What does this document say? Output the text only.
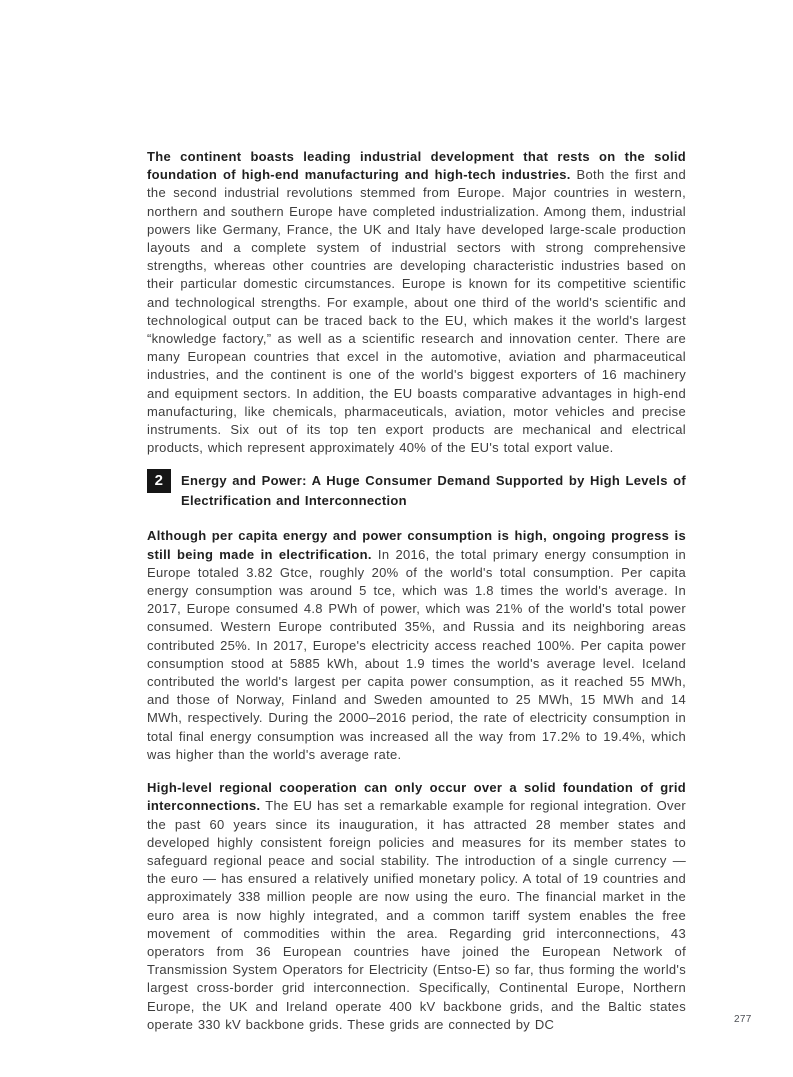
The continent boasts leading industrial development that rests on the solid foundation of high-end manufacturing and high-tech industries. Both the first and the second industrial revolutions stemmed from Europe. Major countries in western, northern and southern Europe have completed industrialization. Among them, industrial powers like Germany, France, the UK and Italy have developed large-scale production layouts and a complete system of industrial sectors with strong comprehensive strengths, whereas other countries are developing characteristic industries based on their particular domestic circumstances. Europe is known for its competitive scientific and technological strengths. For example, about one third of the world's scientific and technological output can be traced back to the EU, which makes it the world's largest “knowledge factory,” as well as a scientific research and innovation center. There are many European countries that excel in the automotive, aviation and pharmaceutical industries, and the continent is one of the world's biggest exporters of 16 machinery and equipment sectors. In addition, the EU boasts comparative advantages in high-end manufacturing, like chemicals, pharmaceuticals, aviation, motor vehicles and precise instruments. Six out of its top ten export products are mechanical and electrical products, which represent approximately 40% of the EU's total export value.

2	Energy and Power: A Huge Consumer Demand Supported by High Levels of Electrification and Interconnection

Although per capita energy and power consumption is high, ongoing progress is still being made in electrification. In 2016, the total primary energy consumption in Europe totaled 3.82 Gtce, roughly 20% of the world's total consumption. Per capita energy consumption was around 5 tce, which was 1.8 times the world's average. In 2017, Europe consumed 4.8 PWh of power, which was 21% of the world's total power consumed. Western Europe contributed 35%, and Russia and its neighboring areas contributed 25%. In 2017, Europe's electricity access reached 100%. Per capita power consumption stood at 5885 kWh, about 1.9 times the world's average level. Iceland contributed the world's largest per capita power consumption, as it reached 55 MWh, and those of Norway, Finland and Sweden amounted to 25 MWh, 15 MWh and 14 MWh, respectively. During the 2000–2016 period, the rate of electricity consumption in total final energy consumption was increased all the way from 17.2% to 19.4%, which was higher than the world's average rate.

High-level regional cooperation can only occur over a solid foundation of grid interconnections. The EU has set a remarkable example for regional integration. Over the past 60 years since its inauguration, it has attracted 28 member states and developed highly consistent foreign policies and measures for its member states to safeguard regional peace and social stability. The introduction of a single currency — the euro — has ensured a relatively unified monetary policy. A total of 19 countries and approximately 338 million people are now using the euro. The financial market in the euro area is now highly integrated, and a common tariff system enables the free movement of commodities within the area. Regarding grid interconnections, 43 operators from 36 European countries have joined the European Network of Transmission System Operators for Electricity (Entso-E) so far, thus forming the world's largest cross-border grid interconnection. Specifically, Continental Europe, Northern Europe, the UK and Ireland operate 400 kV backbone grids, and the Baltic states operate 330 kV backbone grids. These grids are connected by DC	277
